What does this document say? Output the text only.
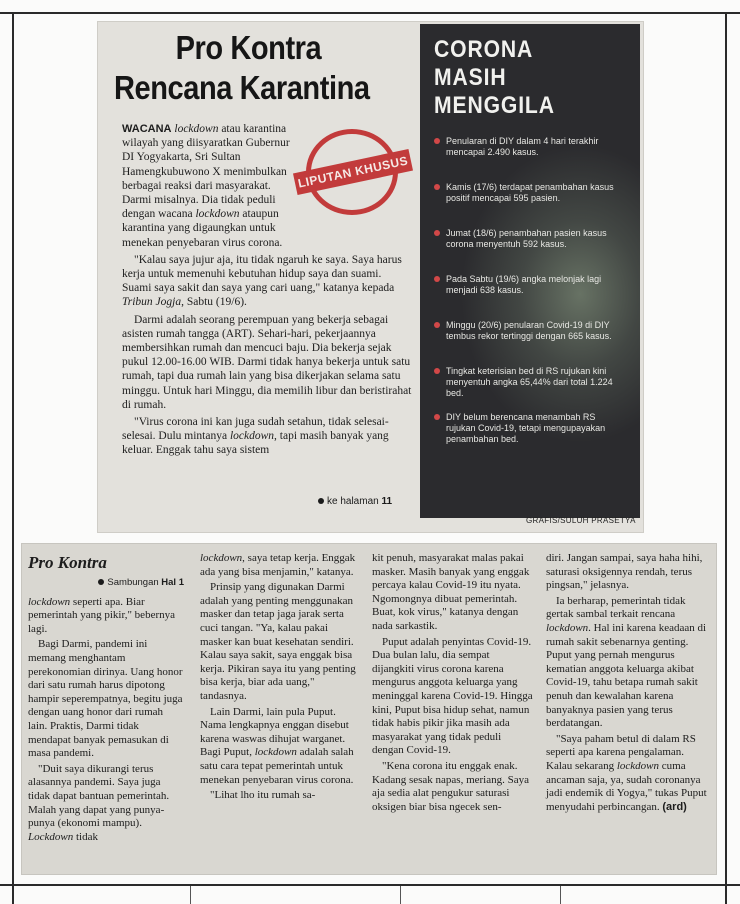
Pro Kontra
Rencana Karantina
LIPUTAN KHUSUS

WACANA lockdown atau karantina wilayah yang diisyaratkan Gubernur DI Yogyakarta, Sri Sultan Hamengkubuwono X menimbulkan berbagai reaksi dari masyarakat. Darmi misalnya. Dia tidak peduli dengan wacana lockdown ataupun karantina yang digaungkan untuk menekan penyebaran virus corona.

"Kalau saya jujur aja, itu tidak ngaruh ke saya. Saya harus kerja untuk memenuhi kebutuhan hidup saya dan suami. Suami saya sakit dan saya yang cari uang," katanya kepada Tribun Jogja, Sabtu (19/6).

Darmi adalah seorang perempuan yang bekerja sebagai asisten rumah tangga (ART). Sehari-hari, pekerjaannya membersihkan rumah dan mencuci baju. Dia bekerja sejak pukul 12.00-16.00 WIB. Darmi tidak hanya bekerja untuk satu rumah, tapi dua rumah lain yang bisa dikerjakan selama satu minggu. Untuk hari Minggu, dia memilih libur dan beristirahat di rumah.

"Virus corona ini kan juga sudah setahun, tidak selesai-selesai. Dulu mintanya lockdown, tapi masih banyak yang keluar. Enggak tahu saya sistem

ke halaman 11
CORONA
MASIH
MENGGILA
Penularan di DIY dalam 4 hari terakhir mencapai 2.490 kasus.
Kamis (17/6) terdapat penambahan kasus positif mencapai 595 pasien.
Jumat (18/6) penambahan pasien kasus corona menyentuh 592 kasus.
Pada Sabtu (19/6) angka melonjak lagi menjadi 638 kasus.
Minggu (20/6) penularan Covid-19 di DIY tembus rekor tertinggi dengan 665 kasus.
Tingkat keterisian bed di RS rujukan kini menyentuh angka 65,44% dari total 1.224 bed.
DIY belum berencana menambah RS rujukan Covid-19, tetapi mengupayakan penambahan bed.
GRAFIS/SULUH PRASETYA
Pro Kontra
Sambungan Hal 1

lockdown seperti apa. Biar pemerintah yang pikir," bebernya lagi.

Bagi Darmi, pandemi ini memang menghantam perekonomian dirinya. Uang honor dari satu rumah harus dipotong hampir seperempatnya, begitu juga dengan uang honor dari rumah lain. Praktis, Darmi tidak mendapat banyak pemasukan di masa pandemi.

"Duit saya dikurangi terus alasannya pandemi. Saya juga tidak dapat bantuan pemerintah. Malah yang dapat yang punya-punya (ekonomi mampu). Lockdown tidak

lockdown, saya tetap kerja. Enggak ada yang bisa menjamin," katanya.

Prinsip yang digunakan Darmi adalah yang penting menggunakan masker dan tetap jaga jarak serta cuci tangan. "Ya, kalau pakai masker kan buat kesehatan sendiri. Kalau saya sakit, saya enggak bisa kerja. Pikiran saya itu yang penting bisa kerja, biar ada uang," tandasnya.

Lain Darmi, lain pula Puput. Nama lengkapnya enggan disebut karena waswas dihujat warganet. Bagi Puput, lockdown adalah salah satu cara tepat pemerintah untuk menekan penyebaran virus corona.

"Lihat lho itu rumah sa-

kit penuh, masyarakat malas pakai masker. Masih banyak yang enggak percaya kalau Covid-19 itu nyata. Ngomongnya dibuat pemerintah. Buat, kok virus," katanya dengan nada sarkastik.

Puput adalah penyintas Covid-19. Dua bulan lalu, dia sempat dijangkiti virus corona karena mengurus anggota keluarga yang meninggal karena Covid-19. Hingga kini, Puput bisa hidup sehat, namun tidak habis pikir jika masih ada masyarakat yang tidak peduli dengan Covid-19.

"Kena corona itu enggak enak. Kadang sesak napas, meriang. Saya aja sedia alat pengukur saturasi oksigen biar bisa ngecek sen-

diri. Jangan sampai, saya haha hihi, saturasi oksigennya rendah, terus pingsan," jelasnya.

Ia berharap, pemerintah tidak gertak sambal terkait rencana lockdown. Hal ini karena keadaan di rumah sakit sebenarnya genting. Puput yang pernah mengurus kematian anggota keluarga akibat Covid-19, tahu betapa rumah sakit penuh dan kewalahan karena banyaknya pasien yang terus berdatangan.

"Saya paham betul di dalam RS seperti apa karena pengalaman. Kalau sekarang lockdown cuma ancaman saja, ya, sudah coronanya jadi endemik di Yogya," tukas Puput menyudahi perbincangan. (ard)
